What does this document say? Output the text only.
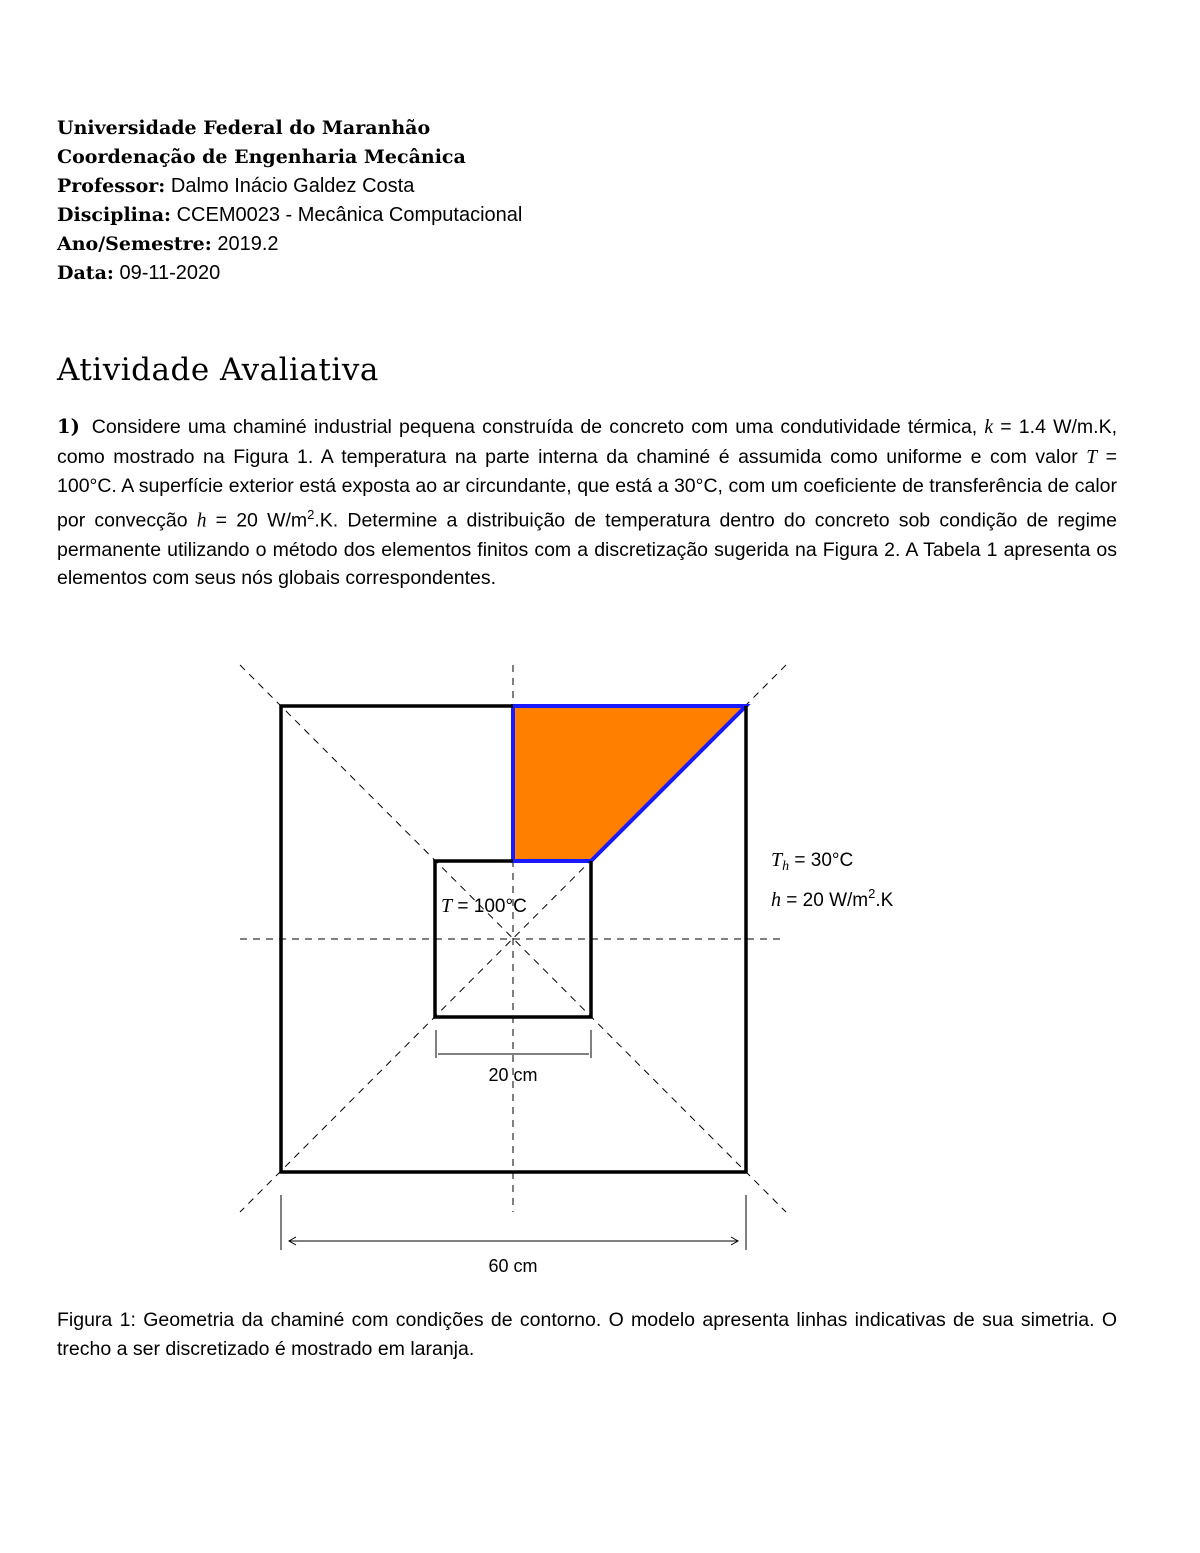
Universidade Federal do Maranhão
Coordenação de Engenharia Mecânica
Professor: Dalmo Inácio Galdez Costa
Disciplina: CCEM0023 - Mecânica Computacional
Ano/Semestre: 2019.2
Data: 09-11-2020
Atividade Avaliativa
1) Considere uma chaminé industrial pequena construída de concreto com uma condutividade térmica, k = 1.4 W/m.K, como mostrado na Figura 1. A temperatura na parte interna da chaminé é assumida como uniforme e com valor T = 100°C. A superfície exterior está exposta ao ar circundante, que está a 30°C, com um coeficiente de transferência de calor por convecção h = 20 $W/m^2.K$. Determine a distribuição de temperatura dentro do concreto sob condição de regime permanente utilizando o método dos elementos finitos com a discretização sugerida na Figura 2. A Tabela 1 apresenta os elementos com seus nós globais correspondentes.
20 cm
60 cm
T = 100°C
$T_h = 30^\circ C$
h = 20 $W/m^2.K$
Figura 1: Geometria da chaminé com condições de contorno. O modelo apresenta linhas indicativas de sua simetria. O trecho a ser discretizado é mostrado em laranja.
